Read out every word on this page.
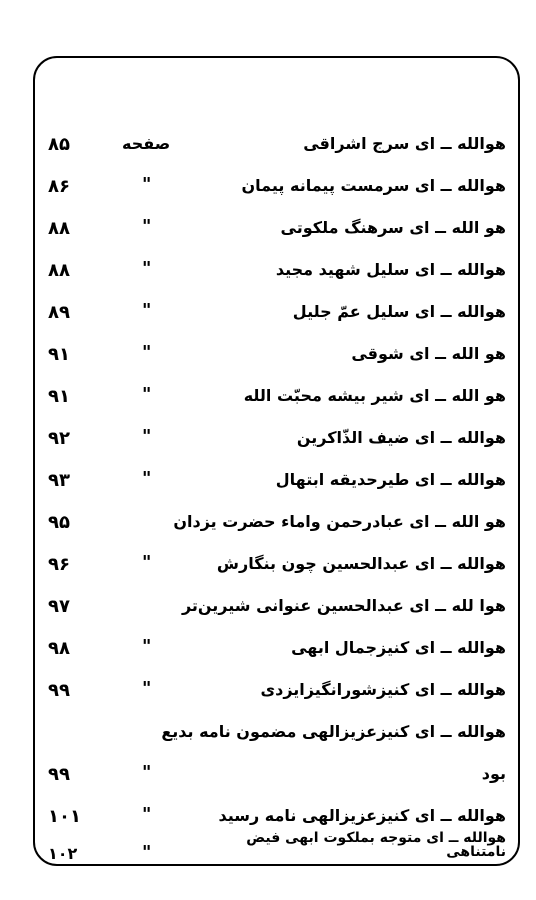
هوالله ــ ای سرج اشراقی
صفحه
۸۵
هوالله ــ ای سرمست پیمانه پیمان
"
۸۶
هو الله ــ ای سرهنگ ملکوتی
"
۸۸
هوالله ــ ای سلیل شهید مجید
"
۸۸
هوالله ــ ای سلیل عمّ جلیل
"
۸۹
هو الله ــ ای شوقی
"
۹۱
هو الله ــ ای شیر بیشه محبّت الله
"
۹۱
هوالله ــ ای ضیف الذّاکرین
"
۹۲
هوالله ــ ای طیرحدیقه ابتهال
"
۹۳
هو الله ــ ای عبادرحمن واماء حضرت یزدان
۹۵
هوالله ــ ای عبدالحسین چون بنگارش
"
۹۶
هوا لله ــ ای عبدالحسین عنوانی شیرین‌تر
۹۷
هوالله ــ ای کنیزجمال ابهی
"
۹۸
هوالله ــ ای کنیزشورانگیزایزدی
"
۹۹
هوالله ــ ای کنیزعزیزالهی مضمون نامه بدیع
بود
"
۹۹
هوالله ــ ای کنیزعزیزالهی نامه رسید
"
۱۰۱
هوالله ــ ای متوجه بملکوت ابهی فیض
نامتناهی
"
۱۰۲
